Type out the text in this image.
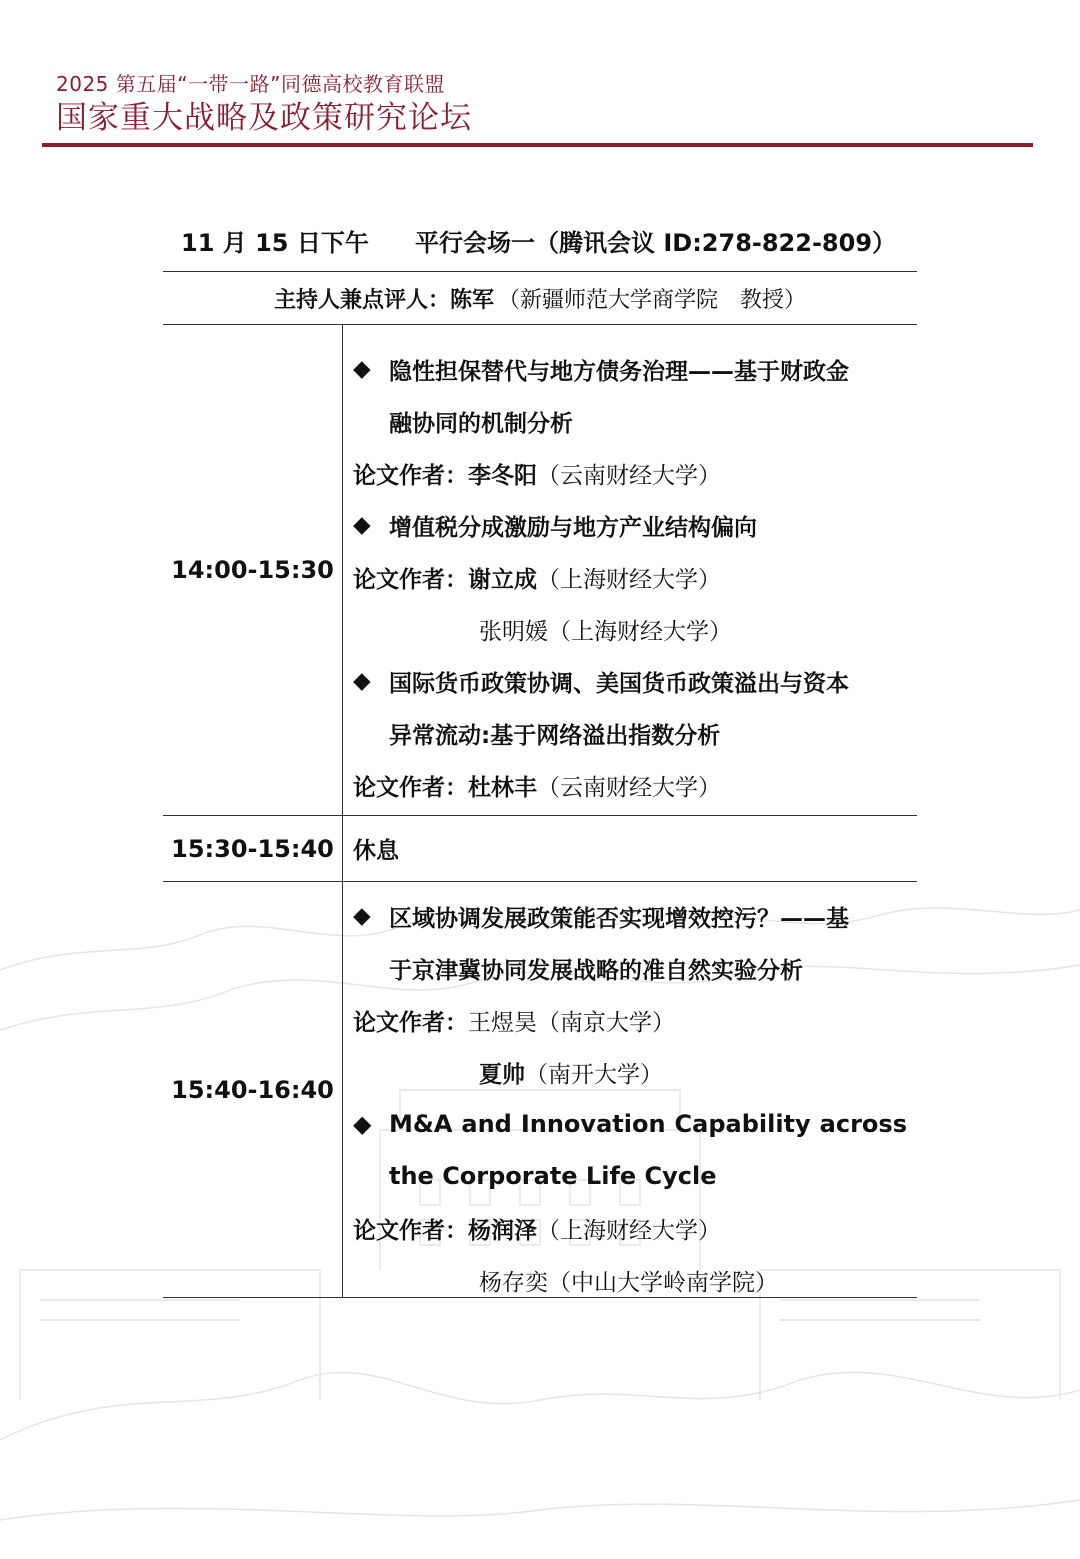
2025 第五届“一带一路”同德高校教育联盟
国家重大战略及政策研究论坛
11 月 15 日下午	平行会场一（腾讯会议 ID:278-822-809）
主持人兼点评人： 陈军 （新疆师范大学商学院　教授）
14:00-15:30
◆ 隐性担保替代与地方债务治理——基于财政金
融协同的机制分析
论文作者： 李冬阳 （云南财经大学）
◆ 增值税分成激励与地方产业结构偏向
论文作者： 谢立成 （上海财经大学）
张明媛 （上海财经大学）
◆ 国际货币政策协调、美国货币政策溢出与资本
异常流动:基于网络溢出指数分析
论文作者： 杜林丰 （云南财经大学）
15:30-15:40 休息
15:40-16:40
◆ 区域协调发展政策能否实现增效控污？——基
于京津冀协同发展战略的准自然实验分析
论文作者： 王煜昊 （南京大学）
夏帅 （南开大学）
◆ M&A and Innovation Capability across
the Corporate Life Cycle
论文作者： 杨润泽 （上海财经大学）
杨存奕 （中山大学岭南学院）
